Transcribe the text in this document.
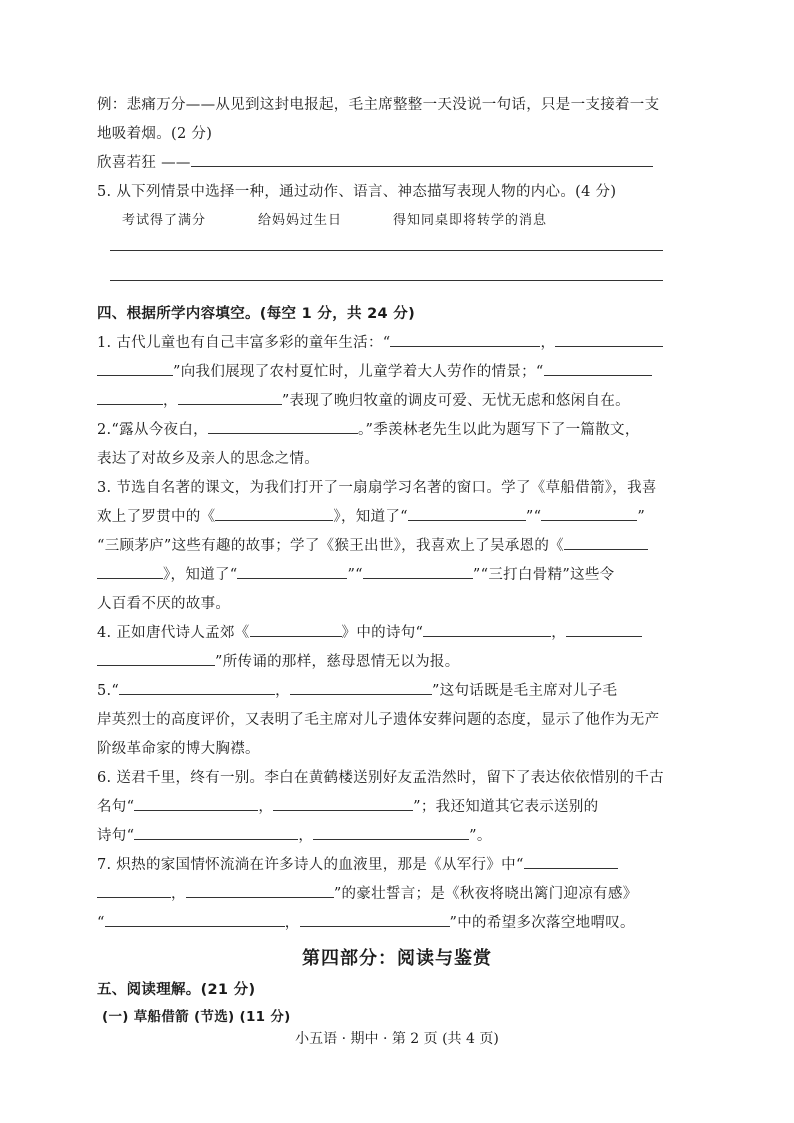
例：悲痛万分——从见到这封电报起，毛主席整整一天没说一句话，只是一支接着一支
地吸着烟。(2 分)
欣喜若狂 ——
5. 从下列情景中选择一种，通过动作、语言、神态描写表现人物的内心。(4 分)
考试得了满分	给妈妈过生日	得知同桌即将转学的消息
四、根据所学内容填空。(每空 1 分，共 24 分)
1. 古代儿童也有自己丰富多彩的童年生活：“	，
”向我们展现了农村夏忙时，儿童学着大人劳作的情景；“
，	”表现了晚归牧童的调皮可爱、无忧无虑和悠闲自在。
2.“露从今夜白，	。”季羡林老先生以此为题写下了一篇散文，
表达了对故乡及亲人的思念之情。
3. 节选自名著的课文，为我们打开了一扇扇学习名著的窗口。学了《草船借箭》，我喜
欢上了罗贯中的《	》，知道了“	”“	”
“三顾茅庐”这些有趣的故事；学了《猴王出世》，我喜欢上了吴承恩的《
》，知道了“	”“	”“三打白骨精”这些令
人百看不厌的故事。
4. 正如唐代诗人孟郊《	》中的诗句“	，
”所传诵的那样，慈母恩情无以为报。
5.“	，	”这句话既是毛主席对儿子毛
岸英烈士的高度评价，又表明了毛主席对儿子遗体安葬问题的态度，显示了他作为无产
阶级革命家的博大胸襟。
6. 送君千里，终有一别。李白在黄鹤楼送别好友孟浩然时，留下了表达依依惜别的千古
名句“	，	”；我还知道其它表示送别的
诗句“	，	”。
7. 炽热的家国情怀流淌在许多诗人的血液里，那是《从军行》中“
，	”的豪壮誓言；是《秋夜将晓出篱门迎凉有感》
“	，	”中的希望多次落空地喟叹。
第四部分：阅读与鉴赏
五、阅读理解。(21 分)
(一) 草船借箭 (节选) (11 分)
小五语 · 期中 · 第 2 页 (共 4 页)
